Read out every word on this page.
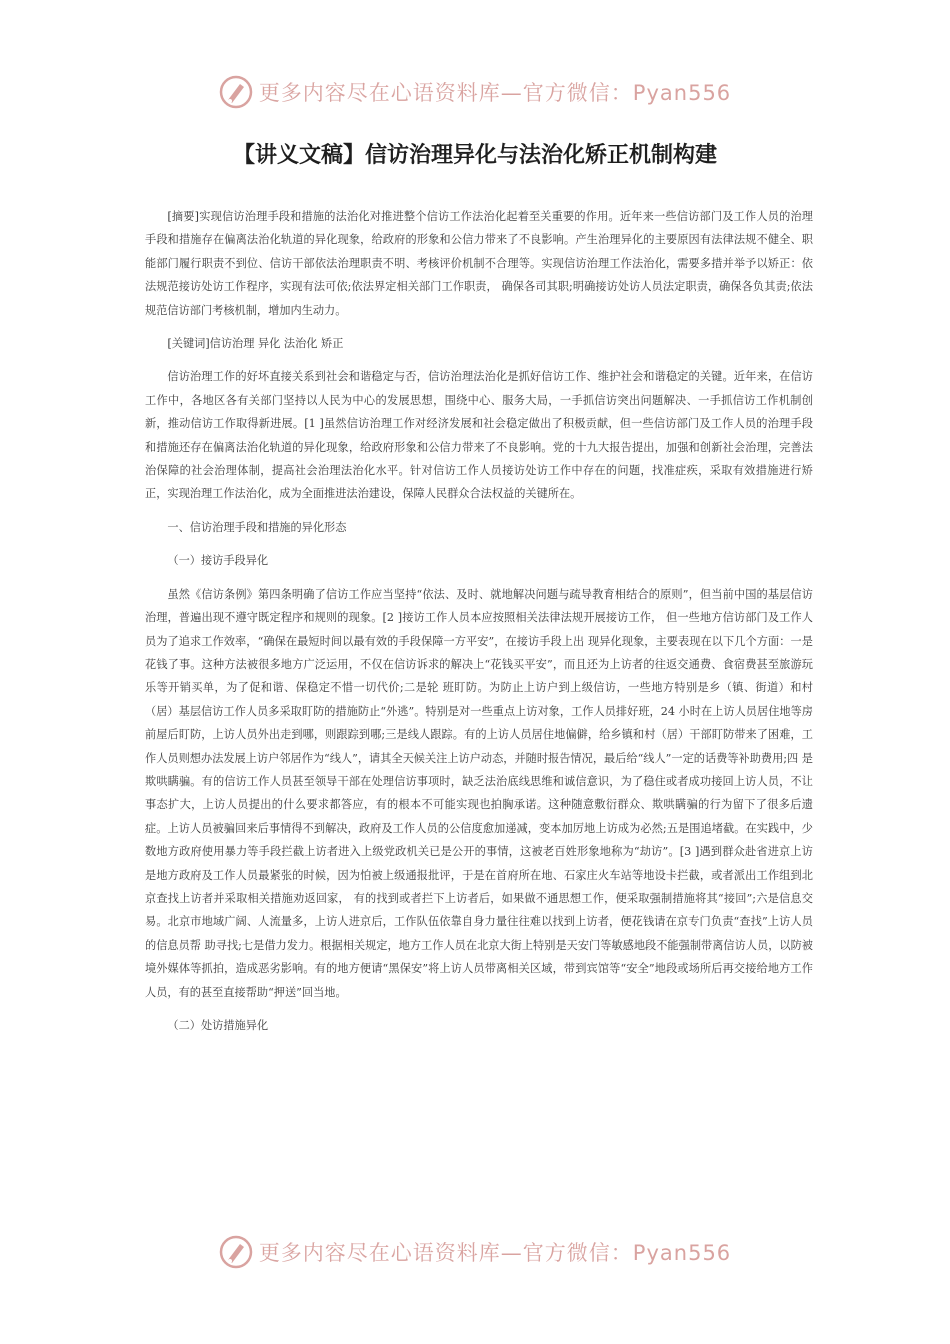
更多内容尽在心语资料库—官方微信：Pyan556
【讲义文稿】信访治理异化与法治化矫正机制构建

[摘要]实现信访治理手段和措施的法治化对推进整个信访工作法治化起着至关重要的作用。近年来一些信访部门及工作人员的治理手段和措施存在偏离法治化轨道的异化现象，给政府的形象和公信力带来了不良影响。产生治理异化的主要原因有法律法规不健全、职能部门履行职责不到位、信访干部依法治理职责不明、考核评价机制不合理等。实现信访治理工作法治化，需要多措并举予以矫正：依法规范接访处访工作程序，实现有法可依;依法界定相关部门工作职责， 确保各司其职;明确接访处访人员法定职责，确保各负其责;依法规范信访部门考核机制，增加内生动力。

[关键词]信访治理 异化 法治化 矫正

信访治理工作的好坏直接关系到社会和谐稳定与否，信访治理法治化是抓好信访工作、维护社会和谐稳定的关键。近年来，在信访工作中，各地区各有关部门坚持以人民为中心的发展思想，围绕中心、服务大局，一手抓信访突出问题解决、一手抓信访工作机制创新，推动信访工作取得新进展。[1 ]虽然信访治理工作对经济发展和社会稳定做出了积极贡献，但一些信访部门及工作人员的治理手段和措施还存在偏离法治化轨道的异化现象，给政府形象和公信力带来了不良影响。党的十九大报告提出，加强和创新社会治理，完善法治保障的社会治理体制，提高社会治理法治化水平。针对信访工作人员接访处访工作中存在的问题，找准症疾，采取有效措施进行矫正，实现治理工作法治化，成为全面推进法治建设，保障人民群众合法权益的关键所在。

一、信访治理手段和措施的异化形态

（一）接访手段异化

虽然《信访条例》第四条明确了信访工作应当坚持“依法、及时、就地解决问题与疏导教育相结合的原则”，但当前中国的基层信访治理，普遍出现不遵守既定程序和规则的现象。[2 ]接访工作人员本应按照相关法律法规开展接访工作， 但一些地方信访部门及工作人员为了追求工作效率，“确保在最短时间以最有效的手段保障一方平安”，在接访手段上出 现异化现象，主要表现在以下几个方面：一是花钱了事。这种方法被很多地方广泛运用，不仅在信访诉求的解决上“花钱买平安”，而且还为上访者的往返交通费、食宿费甚至旅游玩乐等开销买单，为了促和谐、保稳定不惜一切代价;二是轮 班盯防。为防止上访户到上级信访，一些地方特别是乡（镇、街道）和村（居）基层信访工作人员多采取盯防的措施防止“外逃”。特别是对一些重点上访对象，工作人员排好班，24 小时在上访人员居住地等房前屋后盯防，上访人员外出走到哪，则跟踪到哪;三是线人跟踪。有的上访人员居住地偏僻，给乡镇和村（居）干部盯防带来了困难，工作人员则想办法发展上访户邻居作为“线人”，请其全天候关注上访户动态，并随时报告情况，最后给“线人”一定的话费等补助费用;四 是欺哄瞒骗。有的信访工作人员甚至领导干部在处理信访事项时，缺乏法治底线思维和诚信意识，为了稳住或者成功接回上访人员，不让事态扩大，上访人员提出的什么要求都答应，有的根本不可能实现也拍胸承诺。这种随意敷衍群众、欺哄瞒骗的行为留下了很多后遗症。上访人员被骗回来后事情得不到解决，政府及工作人员的公信度愈加递减，变本加厉地上访成为必然;五是围追堵截。在实践中，少数地方政府使用暴力等手段拦截上访者进入上级党政机关已是公开的事情，这被老百姓形象地称为“劫访”。[3 ]遇到群众赴省进京上访是地方政府及工作人员最紧张的时候，因为怕被上级通报批评，于是在首府所在地、石家庄火车站等地设卡拦截，或者派出工作组到北京查找上访者并采取相关措施劝返回家， 有的找到或者拦下上访者后，如果做不通思想工作，便采取强制措施将其“接回”;六是信息交易。北京市地域广阔、人流量多，上访人进京后，工作队伍依靠自身力量往往难以找到上访者，便花钱请在京专门负责“查找”上访人员的信息员帮 助寻找;七是借力发力。根据相关规定，地方工作人员在北京大街上特别是天安门等敏感地段不能强制带离信访人员，以防被境外媒体等抓拍，造成恶劣影响。有的地方便请“黑保安”将上访人员带离相关区域，带到宾馆等“安全”地段或场所后再交接给地方工作人员，有的甚至直接帮助“押送”回当地。

（二）处访措施异化

更多内容尽在心语资料库—官方微信：Pyan556
